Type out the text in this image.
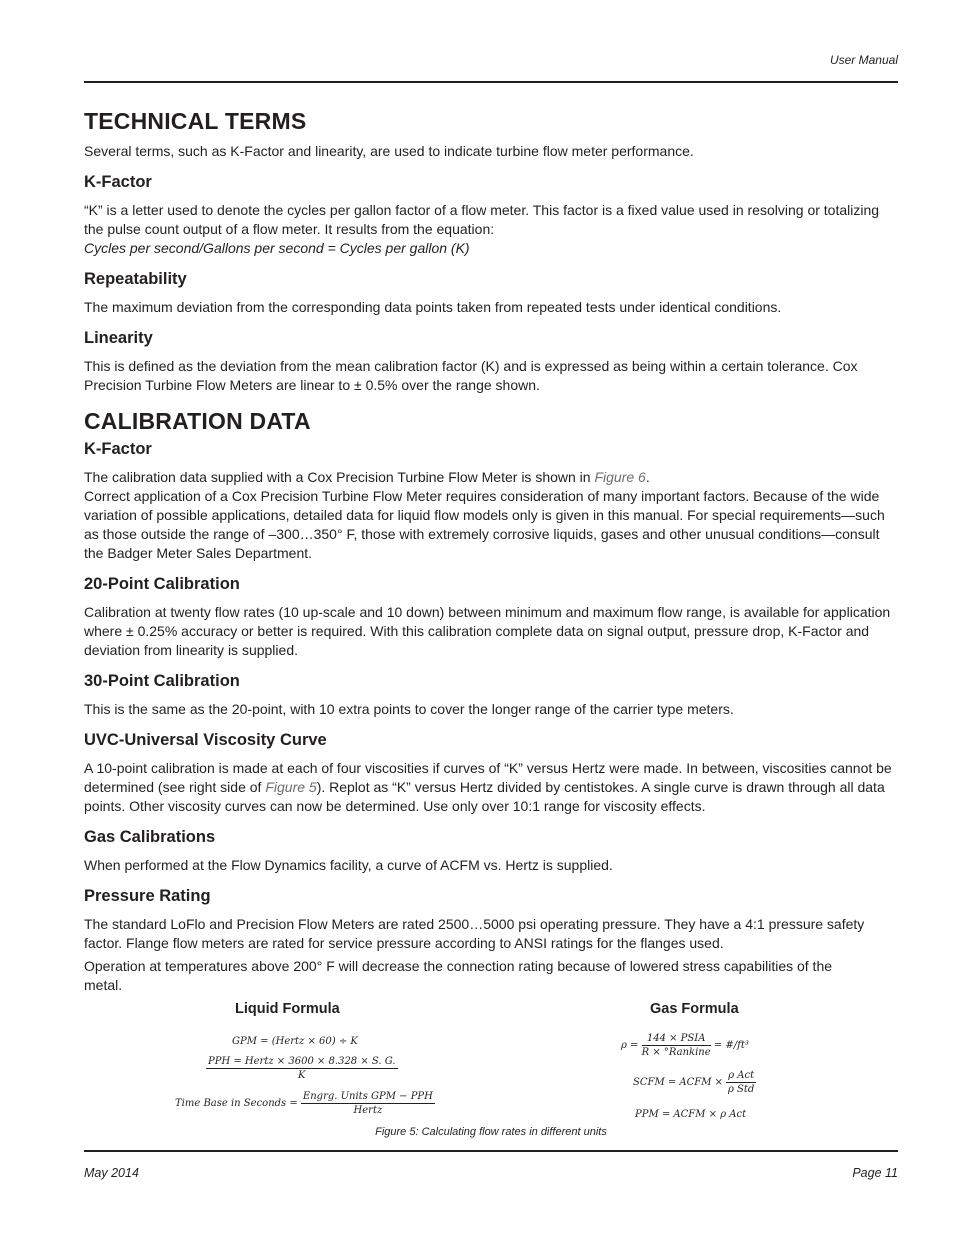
User Manual
TECHNICAL TERMS

Several terms, such as K-Factor and linearity, are used to indicate turbine flow meter performance.

K-Factor

“K” is a letter used to denote the cycles per gallon factor of a flow meter. This factor is a fixed value used in resolving or totalizing the pulse count output of a flow meter. It results from the equation:

Cycles per second/Gallons per second = Cycles per gallon (K)

Repeatability

The maximum deviation from the corresponding data points taken from repeated tests under identical conditions.

Linearity

This is defined as the deviation from the mean calibration factor (K) and is expressed as being within a certain tolerance. Cox Precision Turbine Flow Meters are linear to ± 0.5% over the range shown.

CALIBRATION DATA
K-Factor

The calibration data supplied with a Cox Precision Turbine Flow Meter is shown in Figure 6.

Correct application of a Cox Precision Turbine Flow Meter requires consideration of many important factors. Because of the wide variation of possible applications, detailed data for liquid flow models only is given in this manual. For special requirements—such as those outside the range of –300…350° F, those with extremely corrosive liquids, gases and other unusual conditions—consult the Badger Meter Sales Department.

20-Point Calibration

Calibration at twenty flow rates (10 up-scale and 10 down) between minimum and maximum flow range, is available for application where ± 0.25% accuracy or better is required. With this calibration complete data on signal output, pressure drop, K-Factor and deviation from linearity is supplied.

30-Point Calibration

This is the same as the 20-point, with 10 extra points to cover the longer range of the carrier type meters.

UVC-Universal Viscosity Curve

A 10-point calibration is made at each of four viscosities if curves of “K” versus Hertz were made. In between, viscosities cannot be determined (see right side of Figure 5). Replot as “K” versus Hertz divided by centistokes. A single curve is drawn through all data points. Other viscosity curves can now be determined. Use only over 10:1 range for viscosity effects.

Gas Calibrations

When performed at the Flow Dynamics facility, a curve of ACFM vs. Hertz is supplied.

Pressure Rating

The standard LoFlo and Precision Flow Meters are rated 2500…5000 psi operating pressure. They have a 4:1 pressure safety factor. Flange flow meters are rated for service pressure according to ANSI ratings for the flanges used.

Operation at temperatures above 200° F will decrease the connection rating because of lowered stress capabilities of the metal.

Liquid Formula	Gas Formula
GPM = (Hertz × 60) ÷ K
$\frac{\text{PPH = Hertz × 3600 × 8.328 × S. G.}}{K}$
Time Base in Seconds = $\frac{\text{Engrg. Units GPM − PPH}}{\text{Hertz}}$
$\rho = \frac{\text{144 × PSIA}}{\text{R × °Rankine}}$ = #/ft³
SCFM = ACFM × $\frac{\text{ρ Act}}{\text{ρ Std}}$
PPM = ACFM × ρ Act
Figure 5: Calculating flow rates in different units
May 2014	Page 11
